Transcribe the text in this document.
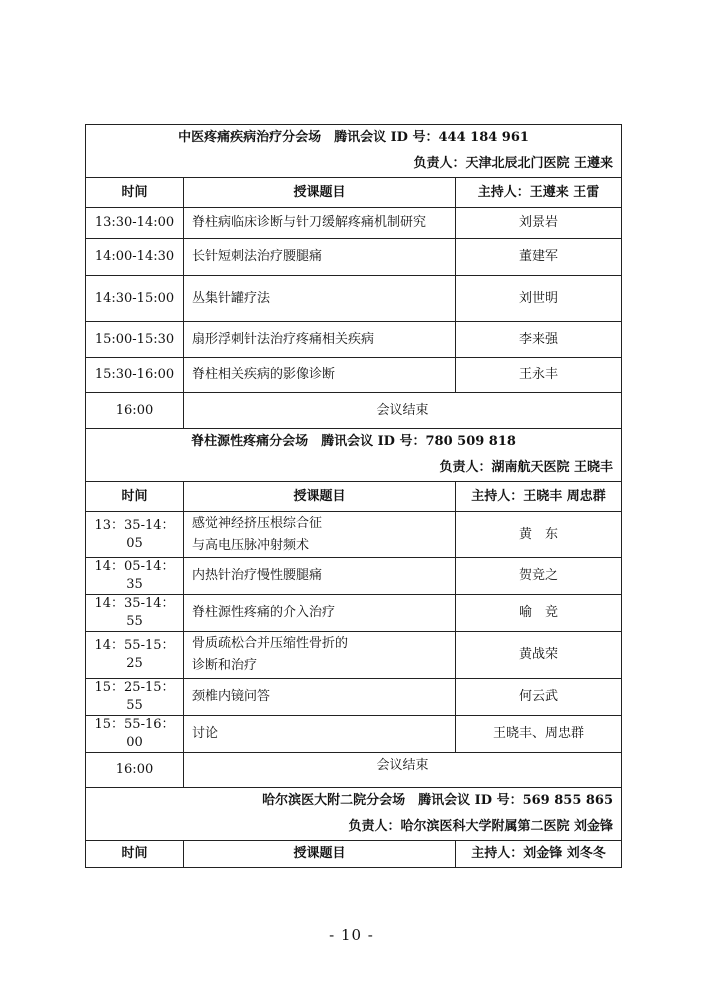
中医疼痛疾病治疗分会场　腾讯会议 ID 号：444 184 961
负责人：天津北辰北门医院 王遵来		

时间	授课题目	主持人：王遵来 王雷
13:30-14:00	脊柱病临床诊断与针刀缓解疼痛机制研究	刘景岩
14:00-14:30	长针短刺法治疗腰腿痛	董建军
14:30-15:00	丛集针罐疗法	刘世明
15:00-15:30	扇形浮刺针法治疗疼痛相关疾病	李来强
15:30-16:00	脊柱相关疾病的影像诊断	王永丰
16:00	会议结束	

脊柱源性疼痛分会场　腾讯会议 ID 号：780 509 818
负责人：湖南航天医院 王晓丰		

时间	授课题目	主持人：王晓丰 周忠群
13：35-14：05	感觉神经挤压根综合征
与高电压脉冲射频术	黄　东
14：05-14：35	内热针治疗慢性腰腿痛	贺竞之
14：35-14：55	脊柱源性疼痛的介入治疗	喻　竞
14：55-15：25	骨质疏松合并压缩性骨折的
诊断和治疗	黄战荣
15：25-15：55	颈椎内镜问答	何云武
15：55-16：00	讨论	王晓丰、周忠群
16:00	会议结束	

哈尔滨医大附二院分会场　腾讯会议 ID 号：569 855 865
负责人：哈尔滨医科大学附属第二医院 刘金锋		

时间	授课题目	主持人：刘金锋 刘冬冬
- 10 -
